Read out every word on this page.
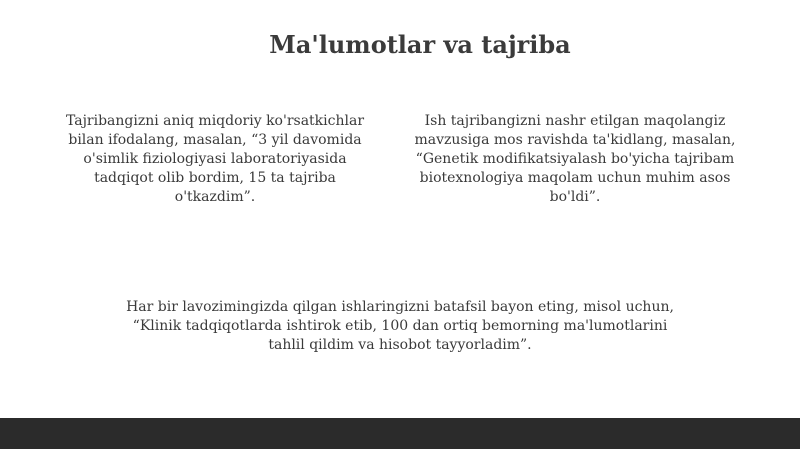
Ma'lumotlar va tajriba

Tajribangizni aniq miqdoriy ko'rsatkichlar bilan ifodalang, masalan, “3 yil davomida o'simlik fiziologiyasi laboratoriyasida tadqiqot olib bordim, 15 ta tajriba o'tkazdim”.

Ish tajribangizni nashr etilgan maqolangiz mavzusiga mos ravishda ta'kidlang, masalan, “Genetik modifikatsiyalash bo'yicha tajribam biotexnologiya maqolam uchun muhim asos bo'ldi”.

Har bir lavozimingizda qilgan ishlaringizni batafsil bayon eting, misol uchun, “Klinik tadqiqotlarda ishtirok etib, 100 dan ortiq bemorning ma'lumotlarini tahlil qildim va hisobot tayyorladim”.
